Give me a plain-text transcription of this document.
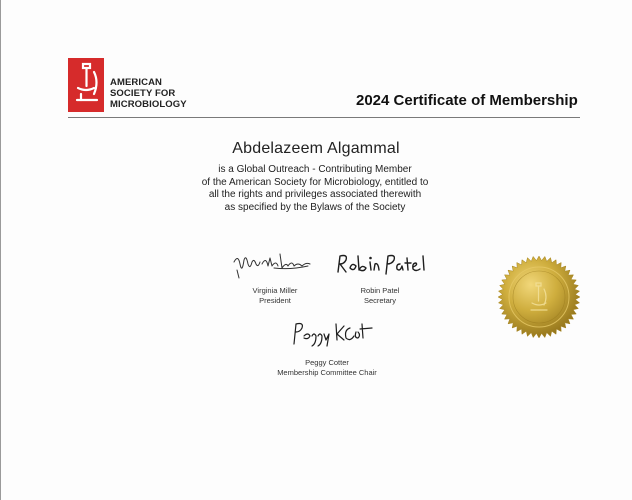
AMERICAN
SOCIETY FOR
MICROBIOLOGY	2024 Certificate of Membership
Abdelazeem Algammal
is a Global Outreach - Contributing Member
of the American Society for Microbiology, entitled to
all the rights and privileges associated therewith
as specified by the Bylaws of the Society
Virginia Miller
President
Robin Patel
Secretary
Peggy Cotter
Membership Committee Chair
